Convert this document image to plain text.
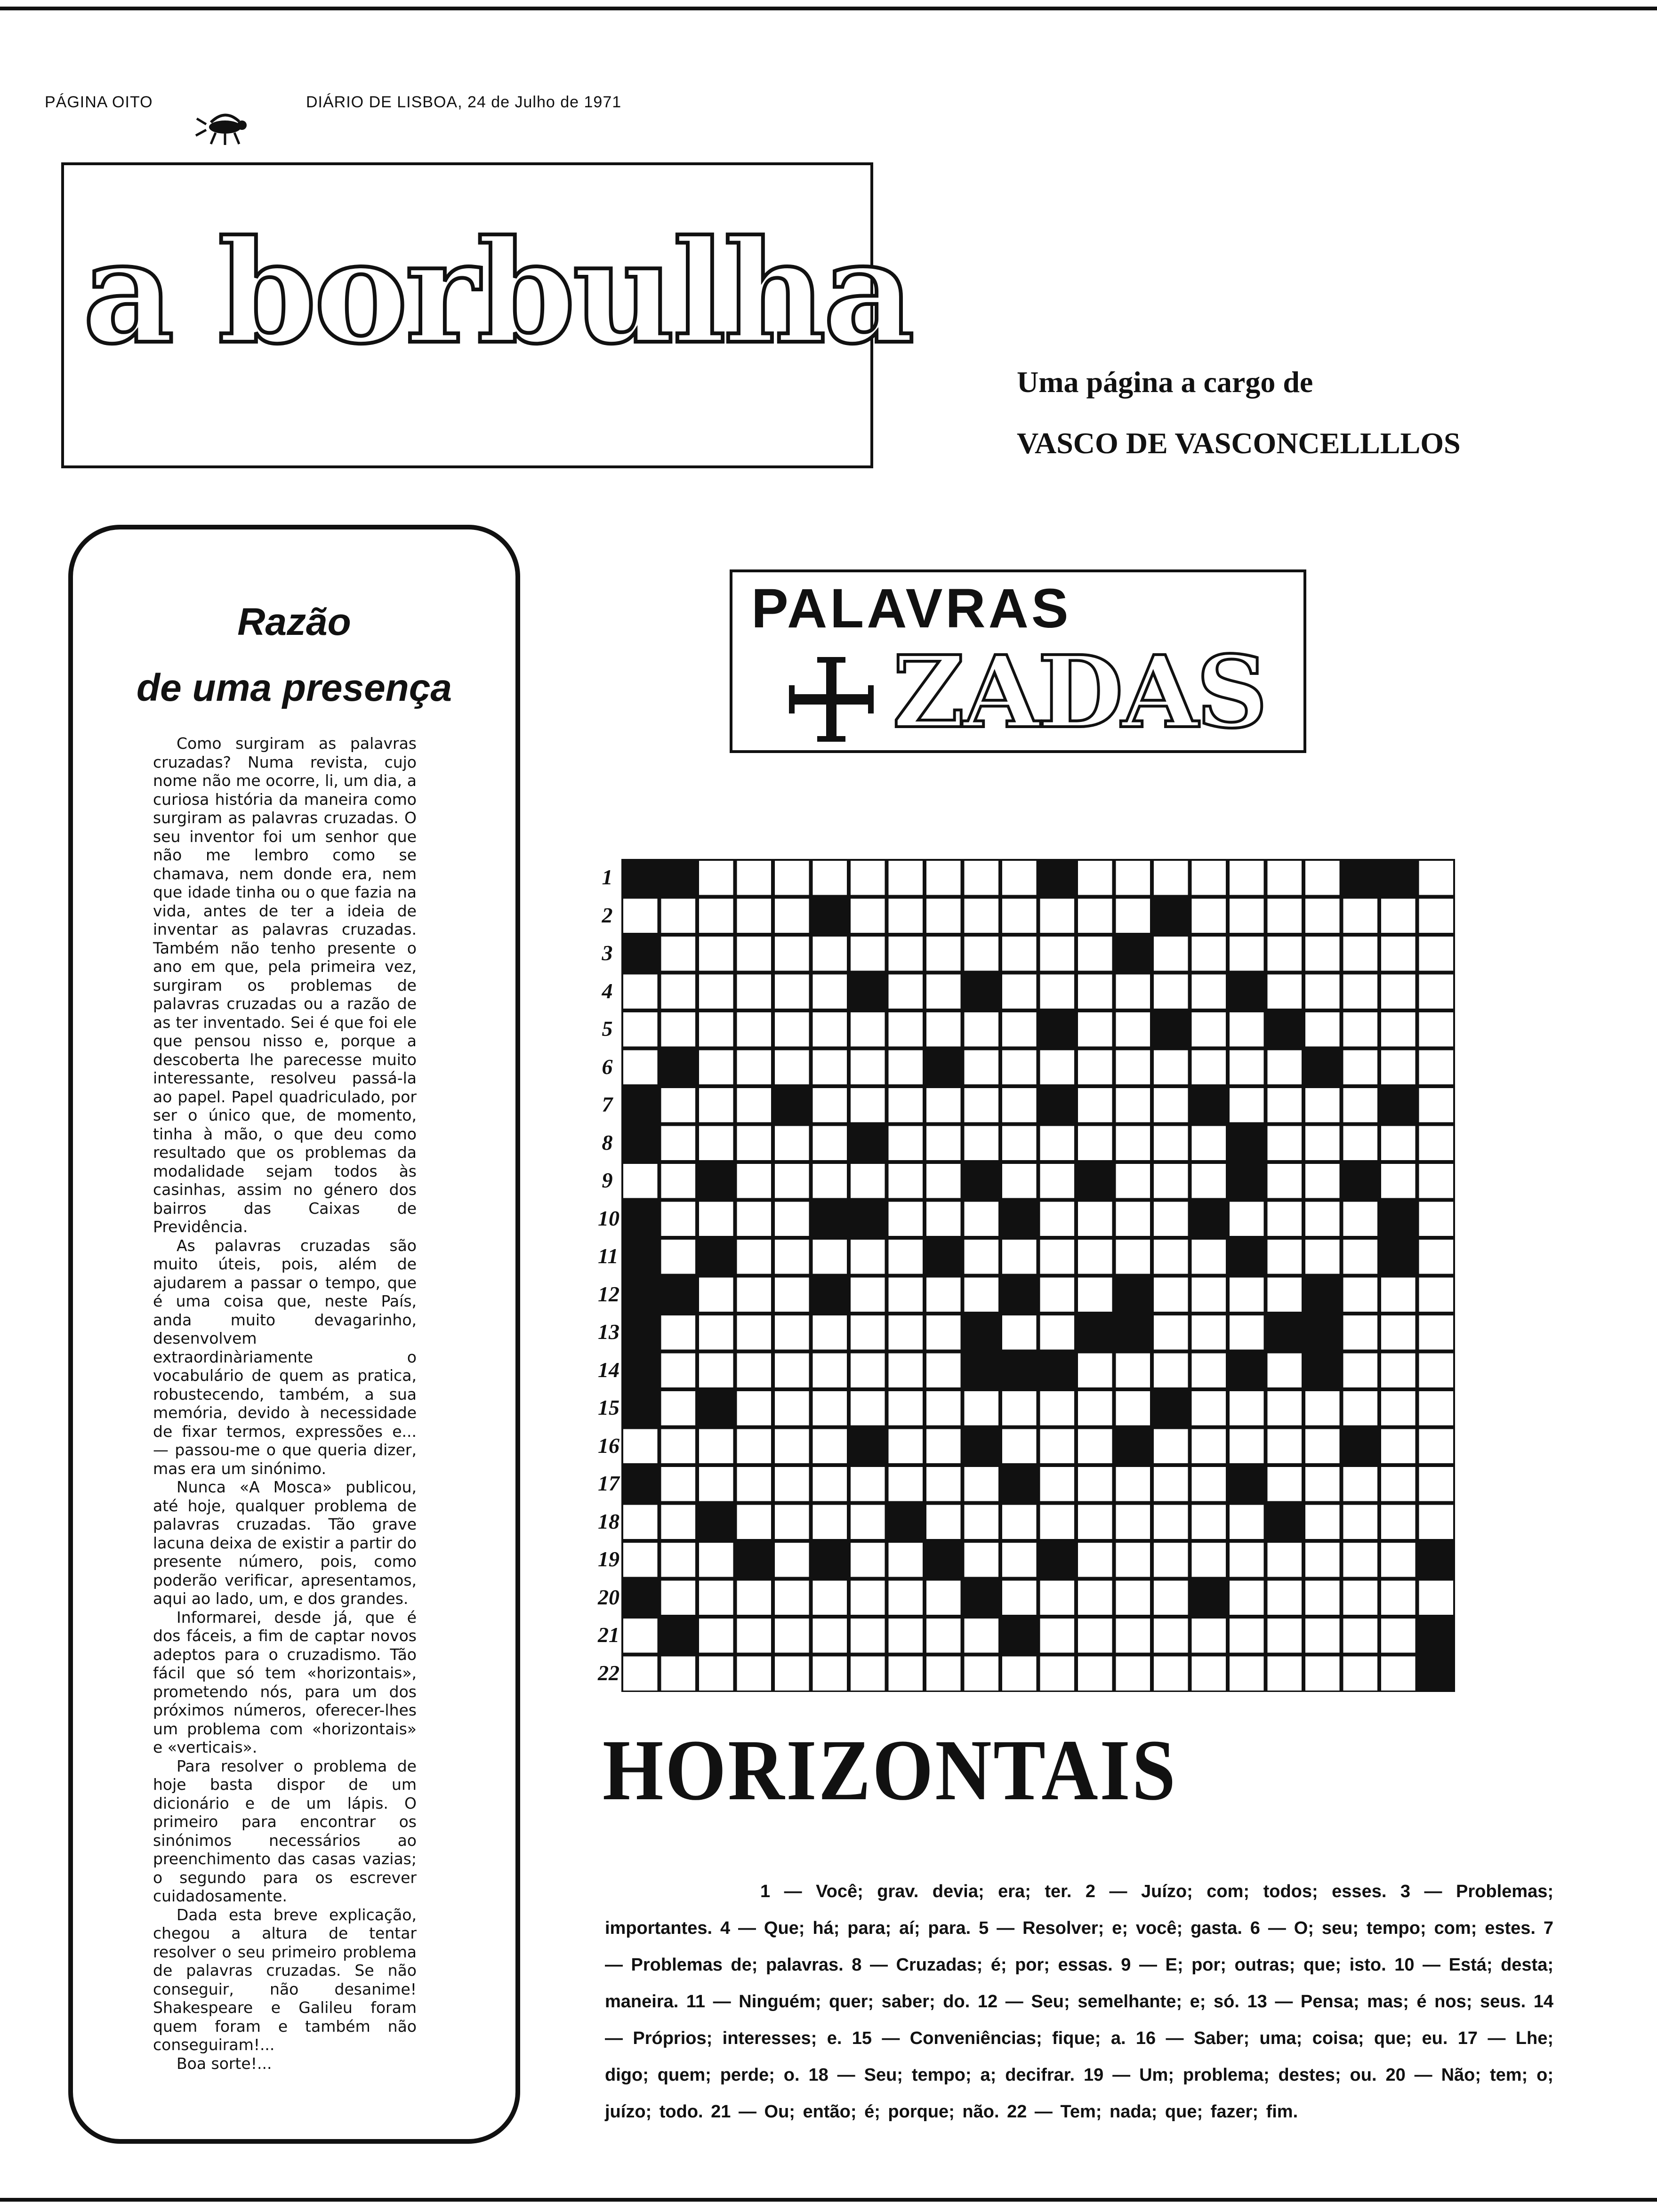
PÁGINA OITO	DIÁRIO DE LISBOA, 24 de Julho de 1971
a borbulha
Uma página a cargo de
VASCO DE VASCONCELLLLOS
Razão
de uma presença

Como surgiram as palavras cruzadas? Numa revista, cujo nome não me ocorre, li, um dia, a curiosa história da maneira como surgiram as palavras cruzadas. O seu inventor foi um senhor que não me lembro como se chamava, nem donde era, nem que idade tinha ou o que fazia na vida, antes de ter a ideia de inventar as palavras cruzadas. Também não tenho presente o ano em que, pela primeira vez, surgiram os problemas de palavras cruzadas ou a razão de as ter inventado. Sei é que foi ele que pensou nisso e, porque a descoberta lhe parecesse muito interessante, resolveu passá-la ao papel. Papel quadriculado, por ser o único que, de momento, tinha à mão, o que deu como resultado que os problemas da modalidade sejam todos às casinhas, assim no género dos bairros das Caixas de Previdência.

As palavras cruzadas são muito úteis, pois, além de ajudarem a passar o tempo, que é uma coisa que, neste País, anda muito devagarinho, desenvolvem extraordinàriamente o vocabulário de quem as pratica, robustecendo, também, a sua memória, devido à necessidade de fixar termos, expressões e... — passou-me o que queria dizer, mas era um sinónimo.

Nunca «A Mosca» publicou, até hoje, qualquer problema de palavras cruzadas. Tão grave lacuna deixa de existir a partir do presente número, pois, como poderão verificar, apresentamos, aqui ao lado, um, e dos grandes.

Informarei, desde já, que é dos fáceis, a fim de captar novos adeptos para o cruzadismo. Tão fácil que só tem «horizontais», prometendo nós, para um dos próximos números, oferecer-lhes um problema com «horizontais» e «verticais».

Para resolver o problema de hoje basta dispor de um dicionário e de um lápis. O primeiro para encontrar os sinónimos necessários ao preenchimento das casas vazias; o segundo para os escrever cuidadosamente.

Dada esta breve explicação, chegou a altura de tentar resolver o seu primeiro problema de palavras cruzadas. Se não conseguir, não desanime! Shakespeare e Galileu foram quem foram e também não conseguiram!...

Boa sorte!...

PALAVRAS
ZADAS
1
2
3
4
5
6
7
8
9
10
11
12
13
14
15
16
17
18
19
20
21
22
HORIZONTAIS
1 — Você; grav. devia; era; ter. 2 — Juízo; com; todos; esses. 3 — Problemas; importantes. 4 — Que; há; para; aí; para. 5 — Resolver; e; você; gasta. 6 — O; seu; tempo; com; estes. 7 — Problemas de; palavras. 8 — Cruzadas; é; por; essas. 9 — E; por; outras; que; isto. 10 — Está; desta; maneira. 11 — Ninguém; quer; saber; do. 12 — Seu; semelhante; e; só. 13 — Pensa; mas; é nos; seus. 14 — Próprios; interesses; e. 15 — Conveniências; fique; a. 16 — Saber; uma; coisa; que; eu. 17 — Lhe; digo; quem; perde; o. 18 — Seu; tempo; a; decifrar. 19 — Um; problema; destes; ou. 20 — Não; tem; o; juízo; todo. 21 — Ou; então; é; porque; não. 22 — Tem; nada; que; fazer; fim.
